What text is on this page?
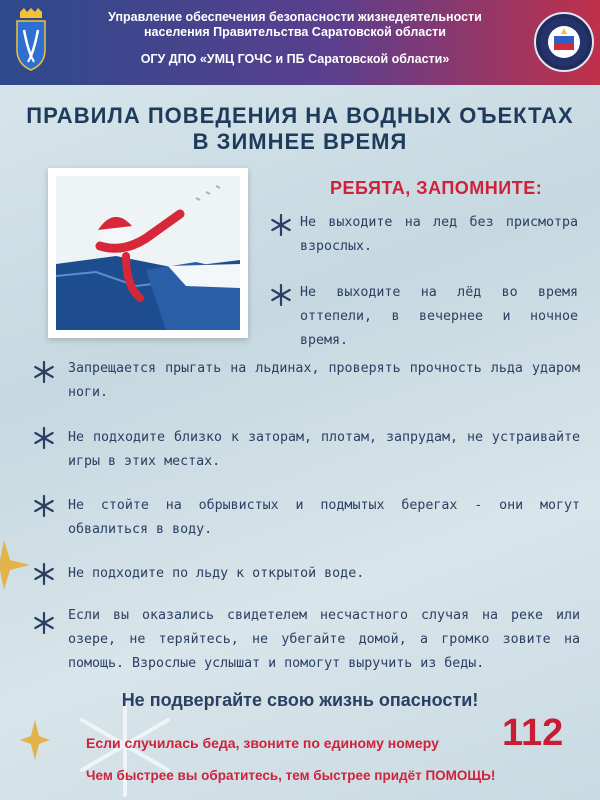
Управление обеспечения безопасности жизнедеятельности
населения Правительства Саратовской области
ОГУ ДПО «УМЦ ГОЧС и ПБ Саратовской области»
ПРАВИЛА ПОВЕДЕНИЯ НА ВОДНЫХ ОЪЕКТАХ
В ЗИМНЕЕ ВРЕМЯ
РЕБЯТА, ЗАПОМНИТЕ:
Не выходите на лед без присмотра взрослых.
Не выходите на лёд во время оттепели, в вечернее и ночное время.
Запрещается прыгать на льдинах, проверять прочность льда ударом ноги.
Не подходите близко к заторам, плотам, запрудам, не устраивайте игры в этих местах.
Не стойте на обрывистых и подмытых берегах - они могут обвалиться в воду.
Не подходите по льду к открытой воде.
Если вы оказались свидетелем несчастного случая на реке или озере, не теряйтесь, не убегайте домой, а громко зовите на помощь. Взрослые услышат и помогут выручить из беды.
Не подвергайте свою жизнь опасности!
Если случилась беда, звоните по единому номеру 112
Чем быстрее вы обратитесь, тем быстрее придёт ПОМОЩЬ!
